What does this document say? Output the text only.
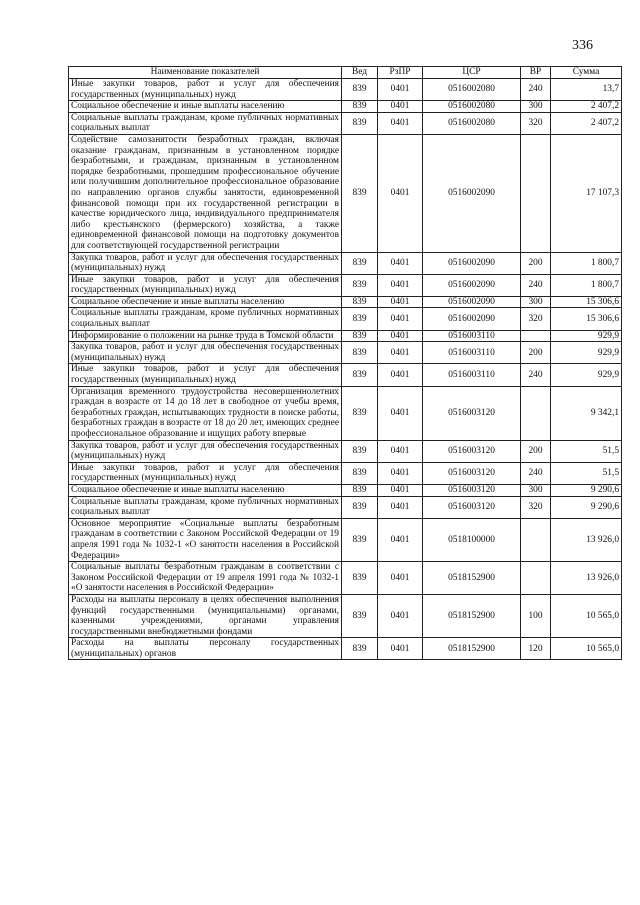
336
Наименование показателей	Вед	РзПР	ЦСР	ВР	Сумма
Иные закупки товаров, работ и услуг для обеспечения государственных (муниципальных) нужд	839	0401	0516002080	240	13,7
Социальное обеспечение и иные выплаты населению	839	0401	0516002080	300	2 407,2
Социальные выплаты гражданам, кроме публичных нормативных социальных выплат	839	0401	0516002080	320	2 407,2
Содействие самозанятости безработных граждан, включая оказание гражданам, признанным в установленном порядке безработными, и гражданам, признанным в установленном порядке безработными, прошедшим профессиональное обучение или получившим дополнительное профессиональное образование по направлению органов службы занятости, единовременной финансовой помощи при их государственной регистрации в качестве юридического лица, индивидуального предпринимателя либо крестьянского (фермерского) хозяйства, а также единовременной финансовой помощи на подготовку документов для соответствующей государственной регистрации	839	0401	0516002090		17 107,3
Закупка товаров, работ и услуг для обеспечения государственных (муниципальных) нужд	839	0401	0516002090	200	1 800,7
Иные закупки товаров, работ и услуг для обеспечения государственных (муниципальных) нужд	839	0401	0516002090	240	1 800,7
Социальное обеспечение и иные выплаты населению	839	0401	0516002090	300	15 306,6
Социальные выплаты гражданам, кроме публичных нормативных социальных выплат	839	0401	0516002090	320	15 306,6
Информирование о положении на рынке труда в Томской области	839	0401	0516003110		929,9
Закупка товаров, работ и услуг для обеспечения государственных (муниципальных) нужд	839	0401	0516003110	200	929,9
Иные закупки товаров, работ и услуг для обеспечения государственных (муниципальных) нужд	839	0401	0516003110	240	929,9
Организация временного трудоустройства несовершеннолетних граждан в возрасте от 14 до 18 лет в свободное от учебы время, безработных граждан, испытывающих трудности в поиске работы, безработных граждан в возрасте от 18 до 20 лет, имеющих среднее профессиональное образование и ищущих работу впервые	839	0401	0516003120		9 342,1
Закупка товаров, работ и услуг для обеспечения государственных (муниципальных) нужд	839	0401	0516003120	200	51,5
Иные закупки товаров, работ и услуг для обеспечения государственных (муниципальных) нужд	839	0401	0516003120	240	51,5
Социальное обеспечение и иные выплаты населению	839	0401	0516003120	300	9 290,6
Социальные выплаты гражданам, кроме публичных нормативных социальных выплат	839	0401	0516003120	320	9 290,6
Основное мероприятие «Социальные выплаты безработным гражданам в соответствии с Законом Российской Федерации от 19 апреля 1991 года № 1032-1 «О занятости населения в Российской Федерации»	839	0401	0518100000		13 926,0
Социальные выплаты безработным гражданам в соответствии с Законом Российской Федерации от 19 апреля 1991 года № 1032-1 «О занятости населения в Российской Федерации»	839	0401	0518152900		13 926,0
Расходы на выплаты персоналу в целях обеспечения выполнения функций государственными (муниципальными) органами, казенными учреждениями, органами управления государственными внебюджетными фондами	839	0401	0518152900	100	10 565,0
Расходы на выплаты персоналу государственных (муниципальных) органов	839	0401	0518152900	120	10 565,0
